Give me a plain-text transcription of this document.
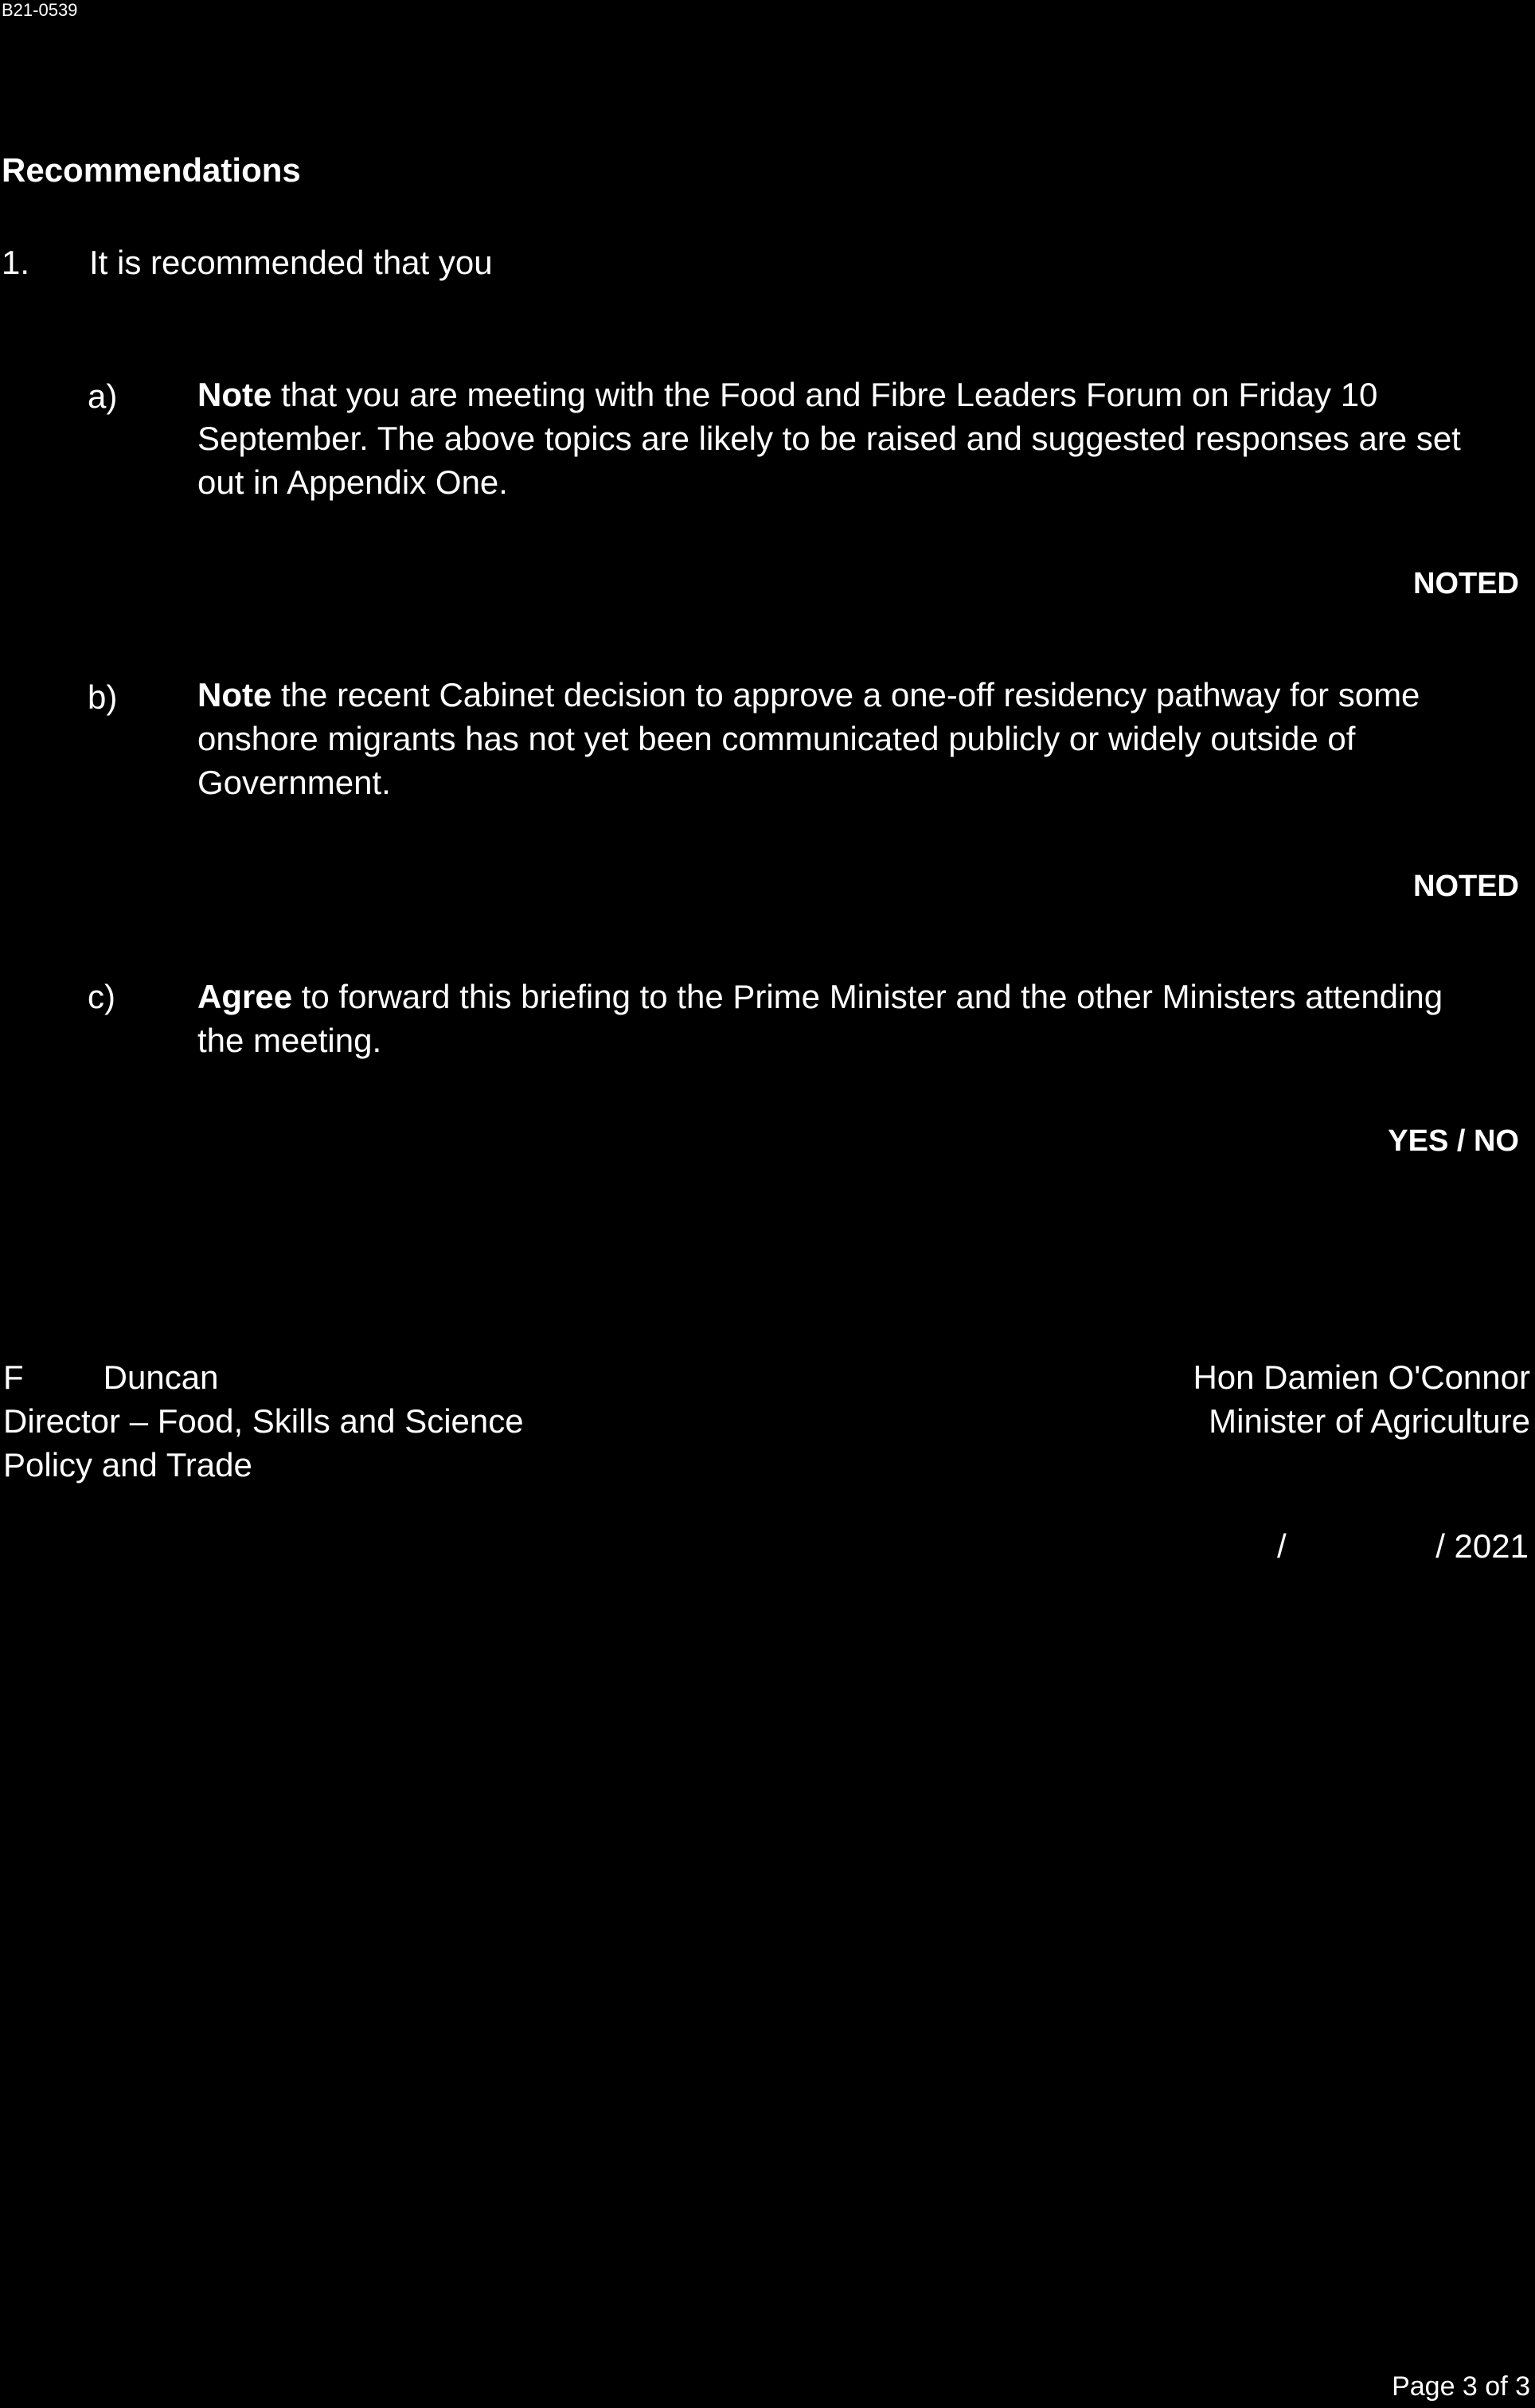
B21-0539
Recommendations
1. It is recommended that you
a) Note that you are meeting with the Food and Fibre Leaders Forum on Friday 10 September. The above topics are likely to be raised and suggested responses are set out in Appendix One.
NOTED
b) Note the recent Cabinet decision to approve a one-off residency pathway for some onshore migrants has not yet been communicated publicly or widely outside of Government.
NOTED
c) Agree to forward this briefing to the Prime Minister and the other Ministers attending the meeting.
YES / NO
F Duncan
Director – Food, Skills and Science
Policy and Trade
Hon Damien O'Connor
Minister of Agriculture
/	/ 2021
Page 3 of 3
